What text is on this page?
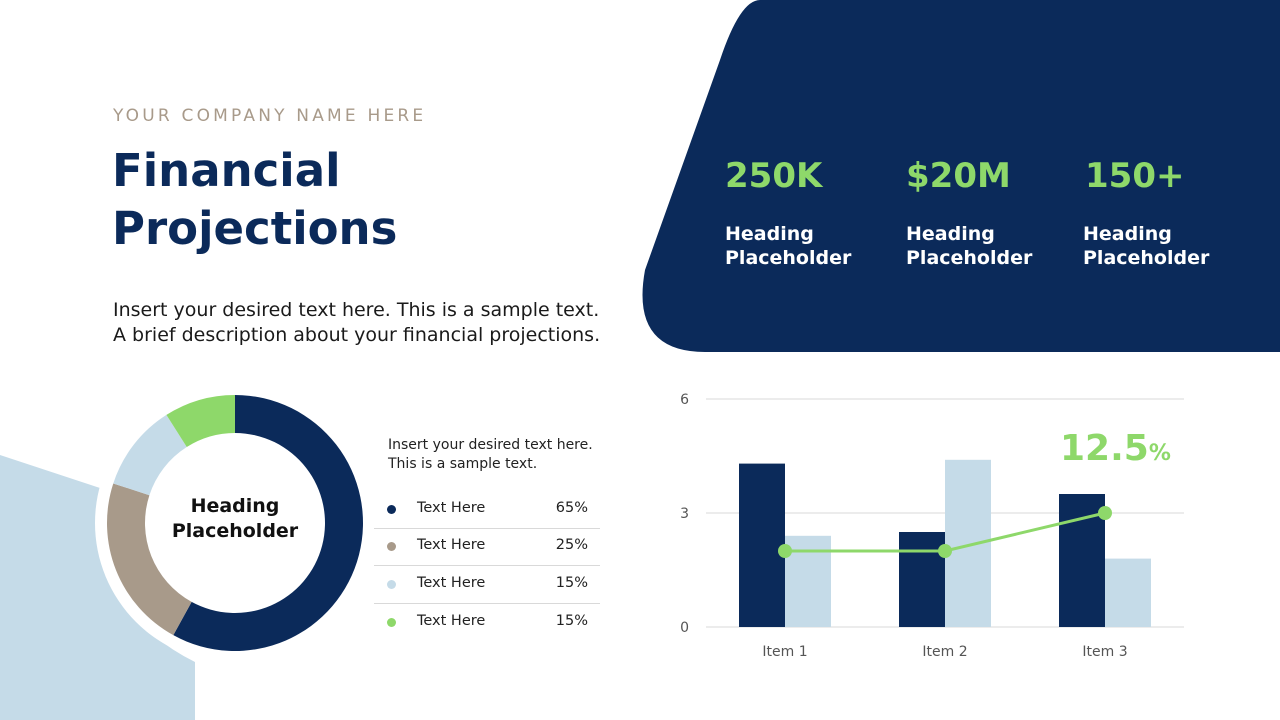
YOUR COMPANY NAME HERE
Financial Projections
Insert your desired text here. This is a sample text.
A brief description about your financial projections.
250K
Heading
Placeholder
$20M
Heading
Placeholder
150+
Heading
Placeholder
Heading
Placeholder
Insert your desired text here.
This is a sample text.
Text Here	65%
Text Here	25%
Text Here	15%
Text Here	15%	0
3
6
Item 1	Item 2	Item 3
12.5%
